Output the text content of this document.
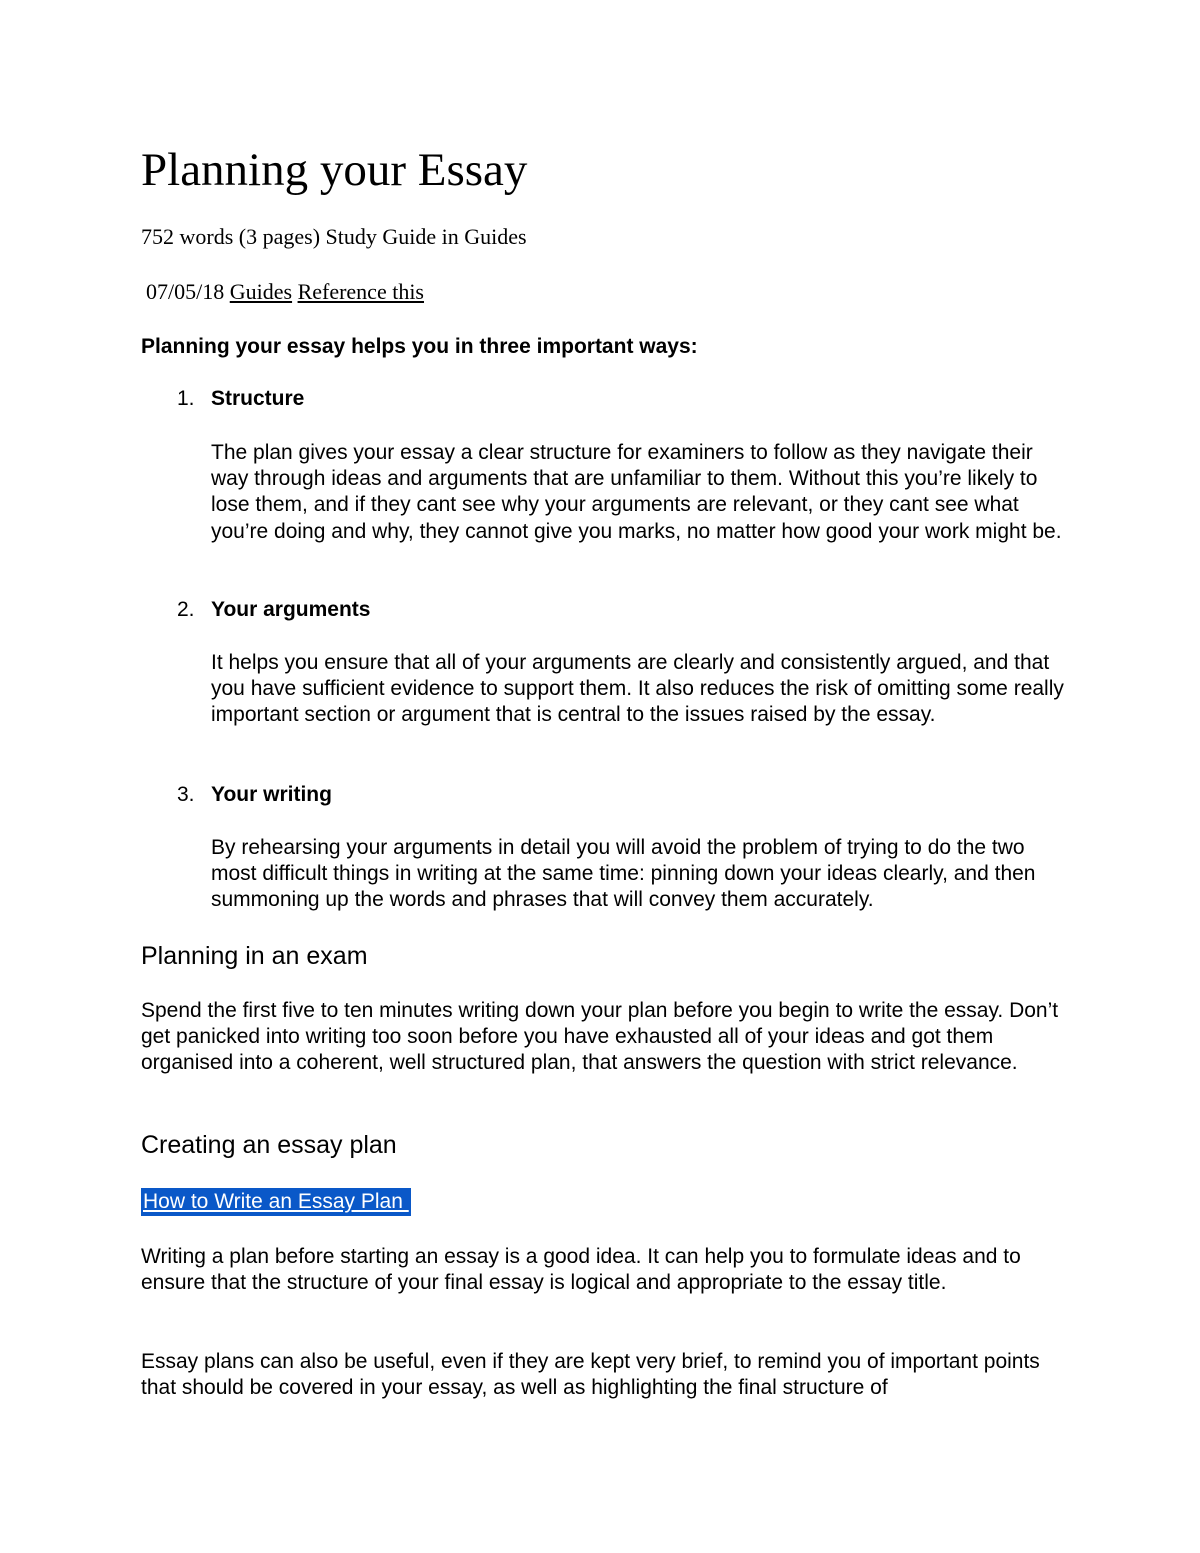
Planning your Essay

752 words (3 pages) Study Guide in Guides

07/05/18 Guides Reference this

Planning your essay helps you in three important ways:

1. Structure

The plan gives your essay a clear structure for examiners to follow as they navigate their way through ideas and arguments that are unfamiliar to them. Without this you’re likely to lose them, and if they cant see why your arguments are relevant, or they cant see what you’re doing and why, they cannot give you marks, no matter how good your work might be.

2. Your arguments

It helps you ensure that all of your arguments are clearly and consistently argued, and that you have sufficient evidence to support them. It also reduces the risk of omitting some really important section or argument that is central to the issues raised by the essay.

3. Your writing

By rehearsing your arguments in detail you will avoid the problem of trying to do the two most difficult things in writing at the same time: pinning down your ideas clearly, and then summoning up the words and phrases that will convey them accurately.

Planning in an exam

Spend the first five to ten minutes writing down your plan before you begin to write the essay. Don’t get panicked into writing too soon before you have exhausted all of your ideas and got them organised into a coherent, well structured plan, that answers the question with strict relevance.

Creating an essay plan
How to Write an Essay Plan

Writing a plan before starting an essay is a good idea. It can help you to formulate ideas and to ensure that the structure of your final essay is logical and appropriate to the essay title.

Essay plans can also be useful, even if they are kept very brief, to remind you of important points that should be covered in your essay, as well as highlighting the final structure of
